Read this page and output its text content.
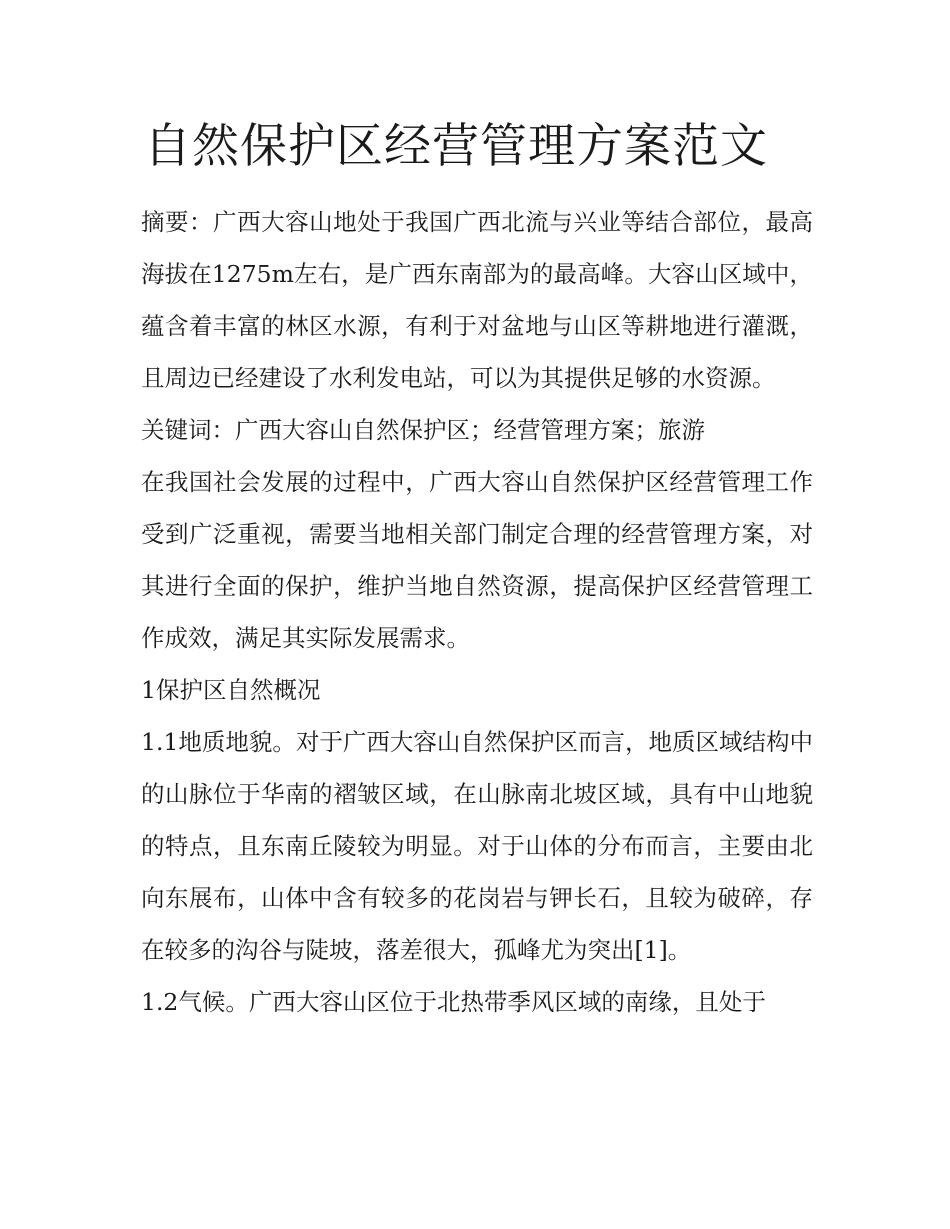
自然保护区经营管理方案范文

摘要：广西大容山地处于我国广西北流与兴业等结合部位，最高海拔在1275m左右，是广西东南部为的最高峰。大容山区域中，蕴含着丰富的林区水源，有利于对盆地与山区等耕地进行灌溉，且周边已经建设了水利发电站，可以为其提供足够的水资源。

关键词：广西大容山自然保护区；经营管理方案；旅游

在我国社会发展的过程中，广西大容山自然保护区经营管理工作受到广泛重视，需要当地相关部门制定合理的经营管理方案，对其进行全面的保护，维护当地自然资源，提高保护区经营管理工作成效，满足其实际发展需求。

1保护区自然概况

1.1地质地貌。对于广西大容山自然保护区而言，地质区域结构中的山脉位于华南的褶皱区域，在山脉南北坡区域，具有中山地貌的特点，且东南丘陵较为明显。对于山体的分布而言，主要由北向东展布，山体中含有较多的花岗岩与钾长石，且较为破碎，存在较多的沟谷与陡坡，落差很大，孤峰尤为突出[1]。

1.2气候。广西大容山区位于北热带季风区域的南缘，且处于
